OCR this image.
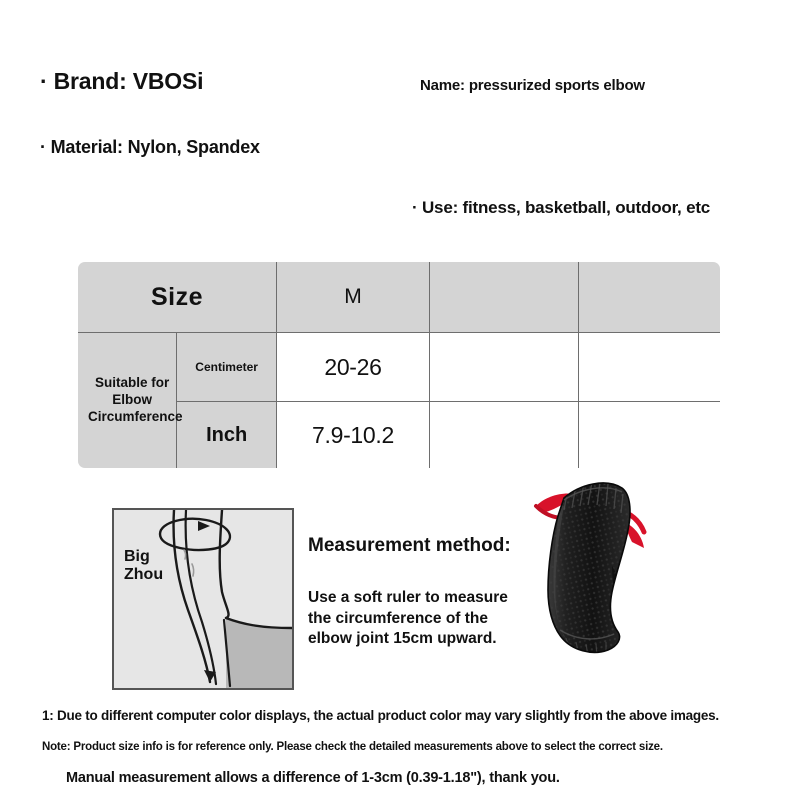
· Brand: VBOSi	Name: pressurized sports elbow
· Material: Nylon, Spandex
· Use: fitness, basketball, outdoor, etc
Size		M		
Suitable for Elbow Circumference	Centimeter	20-26		
	Inch	7.9-10.2		
Big
Zhou
Measurement method:
Use a soft ruler to measure the circumference of the elbow joint 15cm upward.
1: Due to different computer color displays, the actual product color may vary slightly from the above images.
Note: Product size info is for reference only. Please check the detailed measurements above to select the correct size.
Manual measurement allows a difference of 1-3cm (0.39-1.18"), thank you.
